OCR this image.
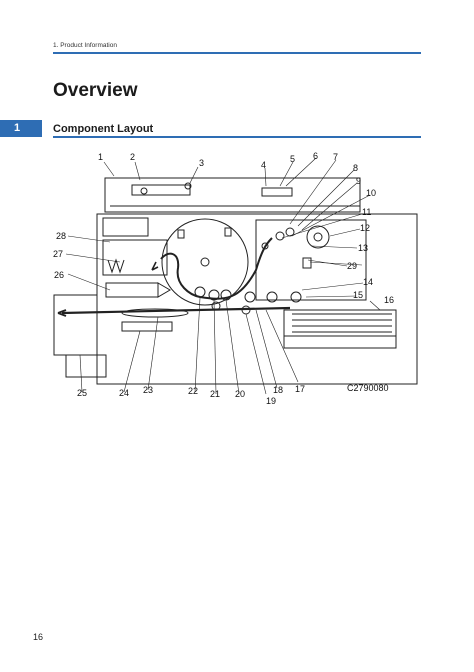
1. Product Information
Overview
1	Component Layout
1	2
3	4
5 6 7
8
9
10
11
12
13
14
15 16
17
18
19
20
21
22
23
24
25
26
27
28
29
C2790080
16
